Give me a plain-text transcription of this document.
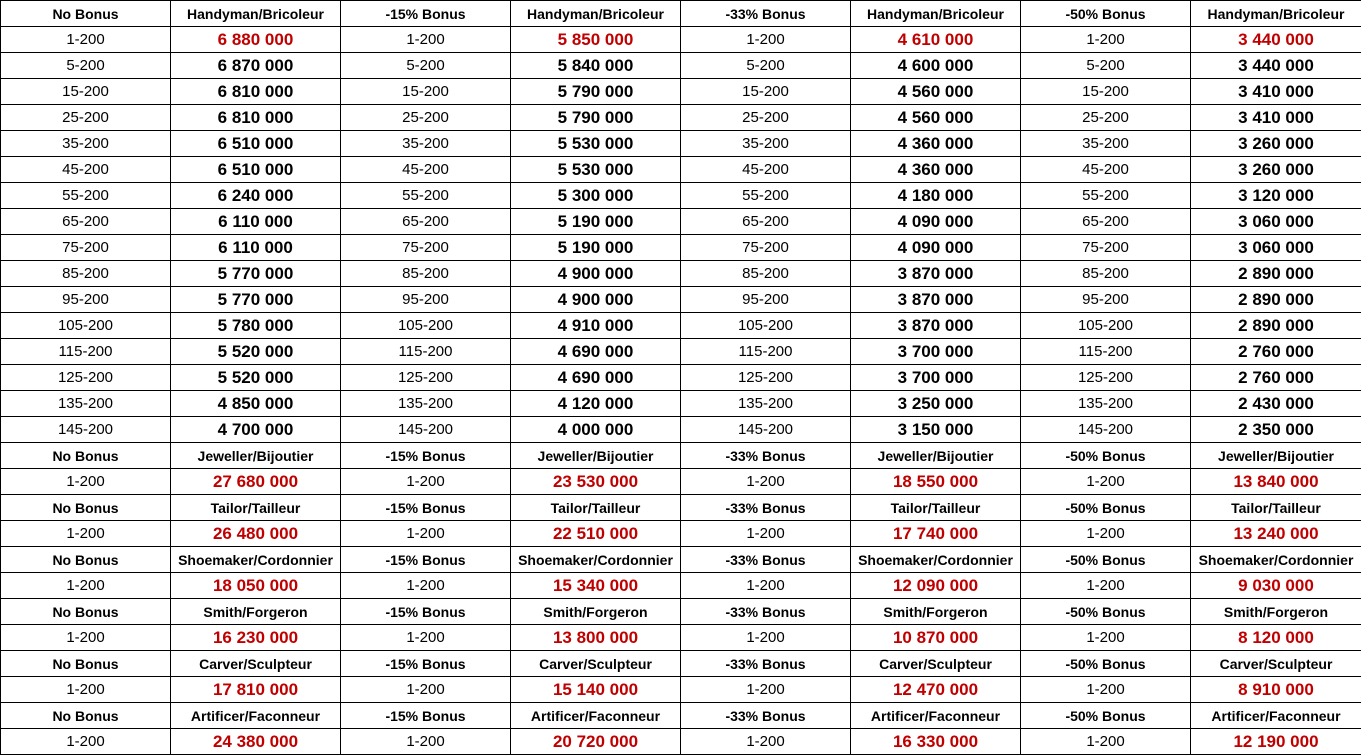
No Bonus	Handyman/Bricoleur	-15% Bonus	Handyman/Bricoleur	-33% Bonus	Handyman/Bricoleur	-50% Bonus	Handyman/Bricoleur
1-200	6 880 000	1-200	5 850 000	1-200	4 610 000	1-200	3 440 000
5-200	6 870 000	5-200	5 840 000	5-200	4 600 000	5-200	3 440 000
15-200	6 810 000	15-200	5 790 000	15-200	4 560 000	15-200	3 410 000
25-200	6 810 000	25-200	5 790 000	25-200	4 560 000	25-200	3 410 000
35-200	6 510 000	35-200	5 530 000	35-200	4 360 000	35-200	3 260 000
45-200	6 510 000	45-200	5 530 000	45-200	4 360 000	45-200	3 260 000
55-200	6 240 000	55-200	5 300 000	55-200	4 180 000	55-200	3 120 000
65-200	6 110 000	65-200	5 190 000	65-200	4 090 000	65-200	3 060 000
75-200	6 110 000	75-200	5 190 000	75-200	4 090 000	75-200	3 060 000
85-200	5 770 000	85-200	4 900 000	85-200	3 870 000	85-200	2 890 000
95-200	5 770 000	95-200	4 900 000	95-200	3 870 000	95-200	2 890 000
105-200	5 780 000	105-200	4 910 000	105-200	3 870 000	105-200	2 890 000
115-200	5 520 000	115-200	4 690 000	115-200	3 700 000	115-200	2 760 000
125-200	5 520 000	125-200	4 690 000	125-200	3 700 000	125-200	2 760 000
135-200	4 850 000	135-200	4 120 000	135-200	3 250 000	135-200	2 430 000
145-200	4 700 000	145-200	4 000 000	145-200	3 150 000	145-200	2 350 000
No Bonus	Jeweller/Bijoutier	-15% Bonus	Jeweller/Bijoutier	-33% Bonus	Jeweller/Bijoutier	-50% Bonus	Jeweller/Bijoutier
1-200	27 680 000	1-200	23 530 000	1-200	18 550 000	1-200	13 840 000
No Bonus	Tailor/Tailleur	-15% Bonus	Tailor/Tailleur	-33% Bonus	Tailor/Tailleur	-50% Bonus	Tailor/Tailleur
1-200	26 480 000	1-200	22 510 000	1-200	17 740 000	1-200	13 240 000
No Bonus	Shoemaker/Cordonnier	-15% Bonus	Shoemaker/Cordonnier	-33% Bonus	Shoemaker/Cordonnier	-50% Bonus	Shoemaker/Cordonnier
1-200	18 050 000	1-200	15 340 000	1-200	12 090 000	1-200	9 030 000
No Bonus	Smith/Forgeron	-15% Bonus	Smith/Forgeron	-33% Bonus	Smith/Forgeron	-50% Bonus	Smith/Forgeron
1-200	16 230 000	1-200	13 800 000	1-200	10 870 000	1-200	8 120 000
No Bonus	Carver/Sculpteur	-15% Bonus	Carver/Sculpteur	-33% Bonus	Carver/Sculpteur	-50% Bonus	Carver/Sculpteur
1-200	17 810 000	1-200	15 140 000	1-200	12 470 000	1-200	8 910 000
No Bonus	Artificer/Faconneur	-15% Bonus	Artificer/Faconneur	-33% Bonus	Artificer/Faconneur	-50% Bonus	Artificer/Faconneur
1-200	24 380 000	1-200	20 720 000	1-200	16 330 000	1-200	12 190 000
